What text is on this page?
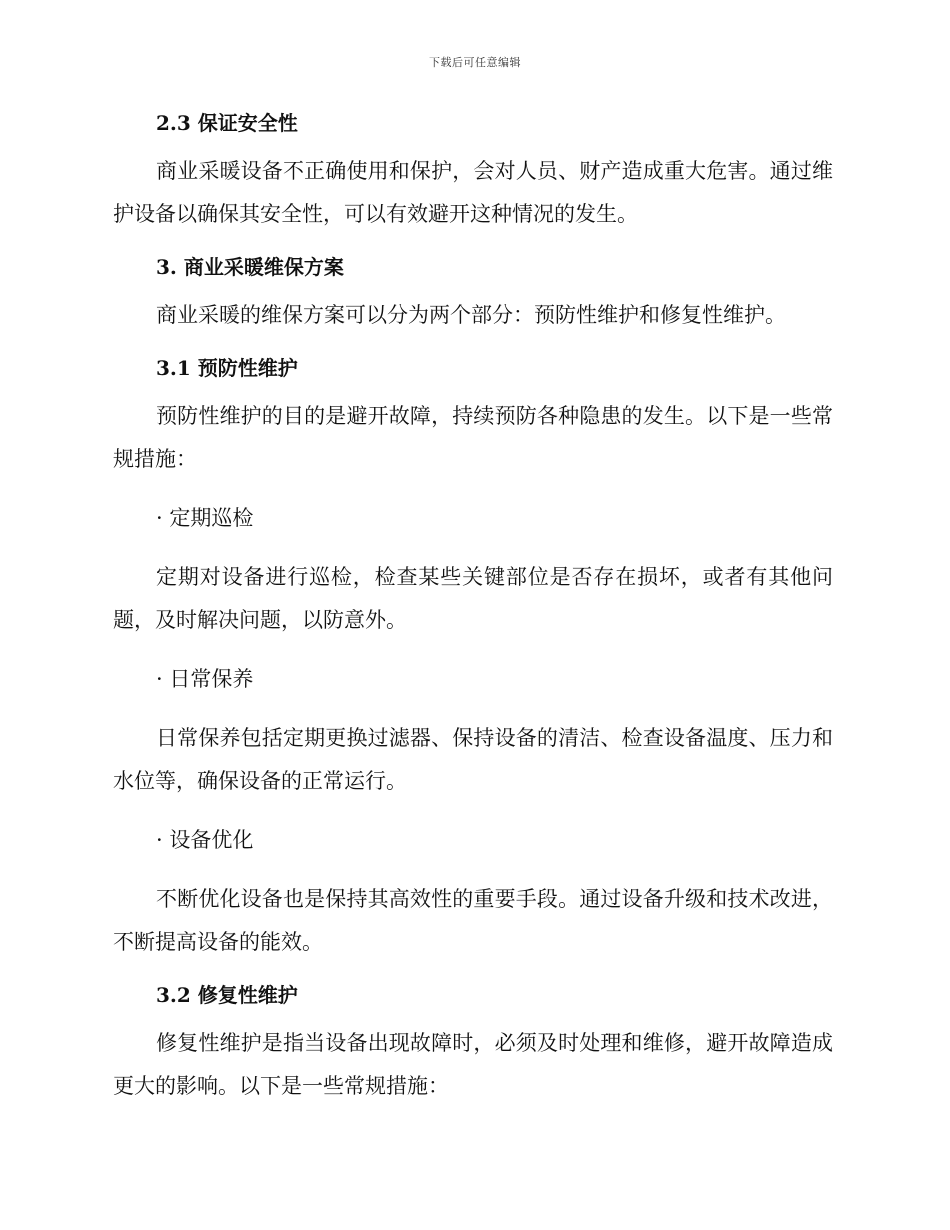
下载后可任意编辑
2.3 保证安全性

商业采暖设备不正确使用和保护，会对人员、财产造成重大危害。通过维护设备以确保其安全性，可以有效避开这种情况的发生。

3. 商业采暖维保方案

商业采暖的维保方案可以分为两个部分：预防性维护和修复性维护。

3.1 预防性维护

预防性维护的目的是避开故障，持续预防各种隐患的发生。以下是一些常规措施：

· 定期巡检

定期对设备进行巡检，检查某些关键部位是否存在损坏，或者有其他问题，及时解决问题，以防意外。

· 日常保养

日常保养包括定期更换过滤器、保持设备的清洁、检查设备温度、压力和水位等，确保设备的正常运行。

· 设备优化

不断优化设备也是保持其高效性的重要手段。通过设备升级和技术改进，不断提高设备的能效。

3.2 修复性维护

修复性维护是指当设备出现故障时，必须及时处理和维修，避开故障造成更大的影响。以下是一些常规措施：
